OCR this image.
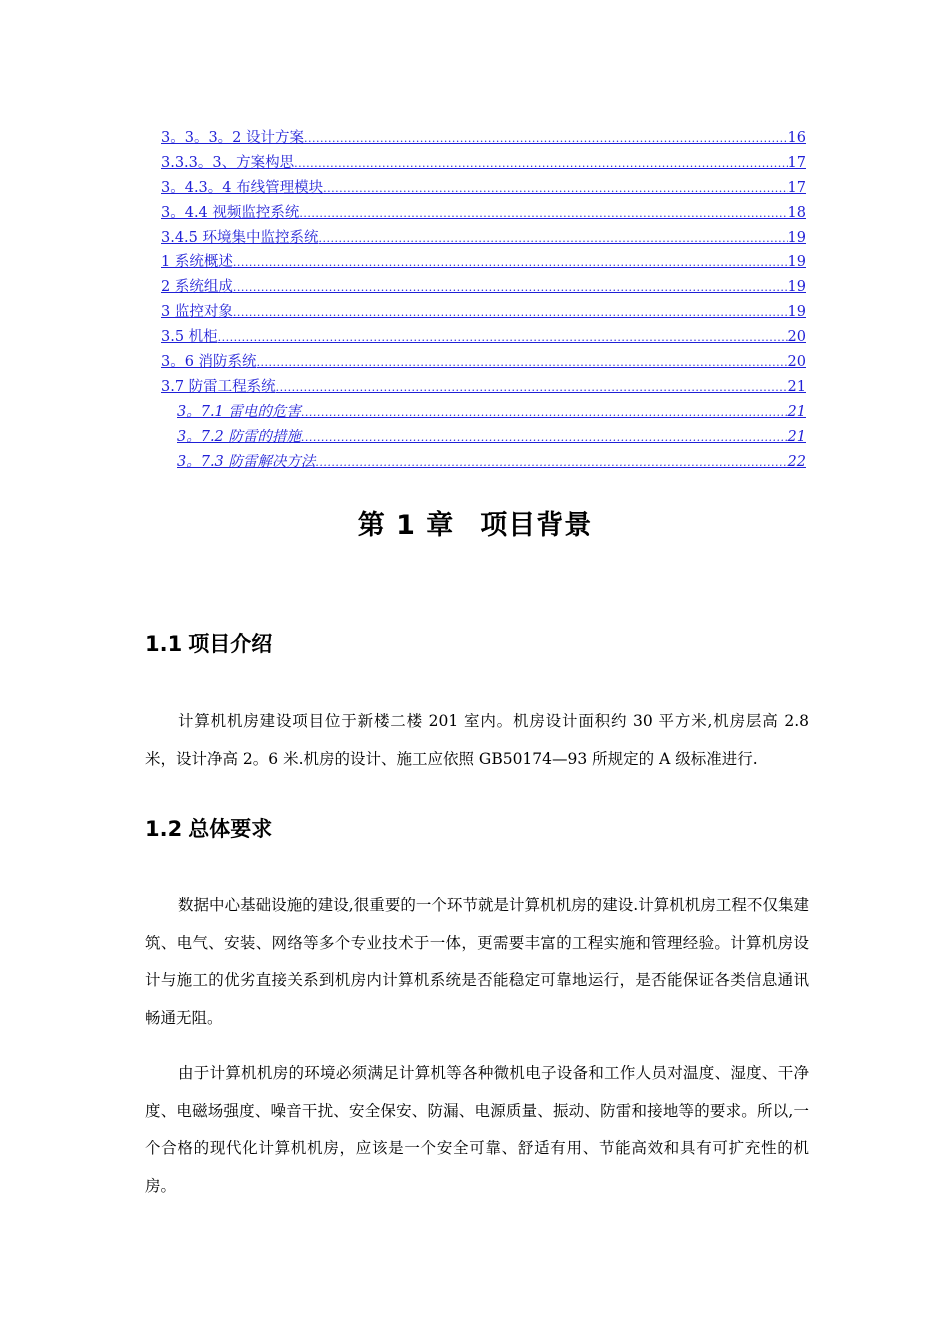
3。3。3。2 设计方案 .....	16
3.3.3。3、方案构思 .....	17
3。4.3。4 布线管理模块 .....	17
3。4.4 视频监控系统 .....	18
3.4.5 环境集中监控系统 .....	19
1 系统概述 .....	19
2 系统组成 .....	19
3 监控对象 .....	19
3.5 机柜 .....	20
3。6 消防系统 .....	20
3.7 防雷工程系统 .....	21
3。7.1 雷电的危害 .....	21
3。7.2 防雷的措施 .....	21
3。7.3 防雷解决方法 .....	22
第 1 章 项目背景
1.1 项目介绍

计算机机房建设项目位于新楼二楼 201 室内。机房设计面积约 30 平方米,机房层高 2.8 米，设计净高 2。6 米.机房的设计、施工应依照 GB50174—93 所规定的 A 级标准进行.

1.2 总体要求

数据中心基础设施的建设,很重要的一个环节就是计算机机房的建设.计算机机房工程不仅集建筑、电气、安装、网络等多个专业技术于一体，更需要丰富的工程实施和管理经验。计算机房设计与施工的优劣直接关系到机房内计算机系统是否能稳定可靠地运行，是否能保证各类信息通讯畅通无阻。

由于计算机机房的环境必须满足计算机等各种微机电子设备和工作人员对温度、湿度、干净度、电磁场强度、噪音干扰、安全保安、防漏、电源质量、振动、防雷和接地等的要求。所以,一个合格的现代化计算机机房，应该是一个安全可靠、舒适有用、节能高效和具有可扩充性的机房。
